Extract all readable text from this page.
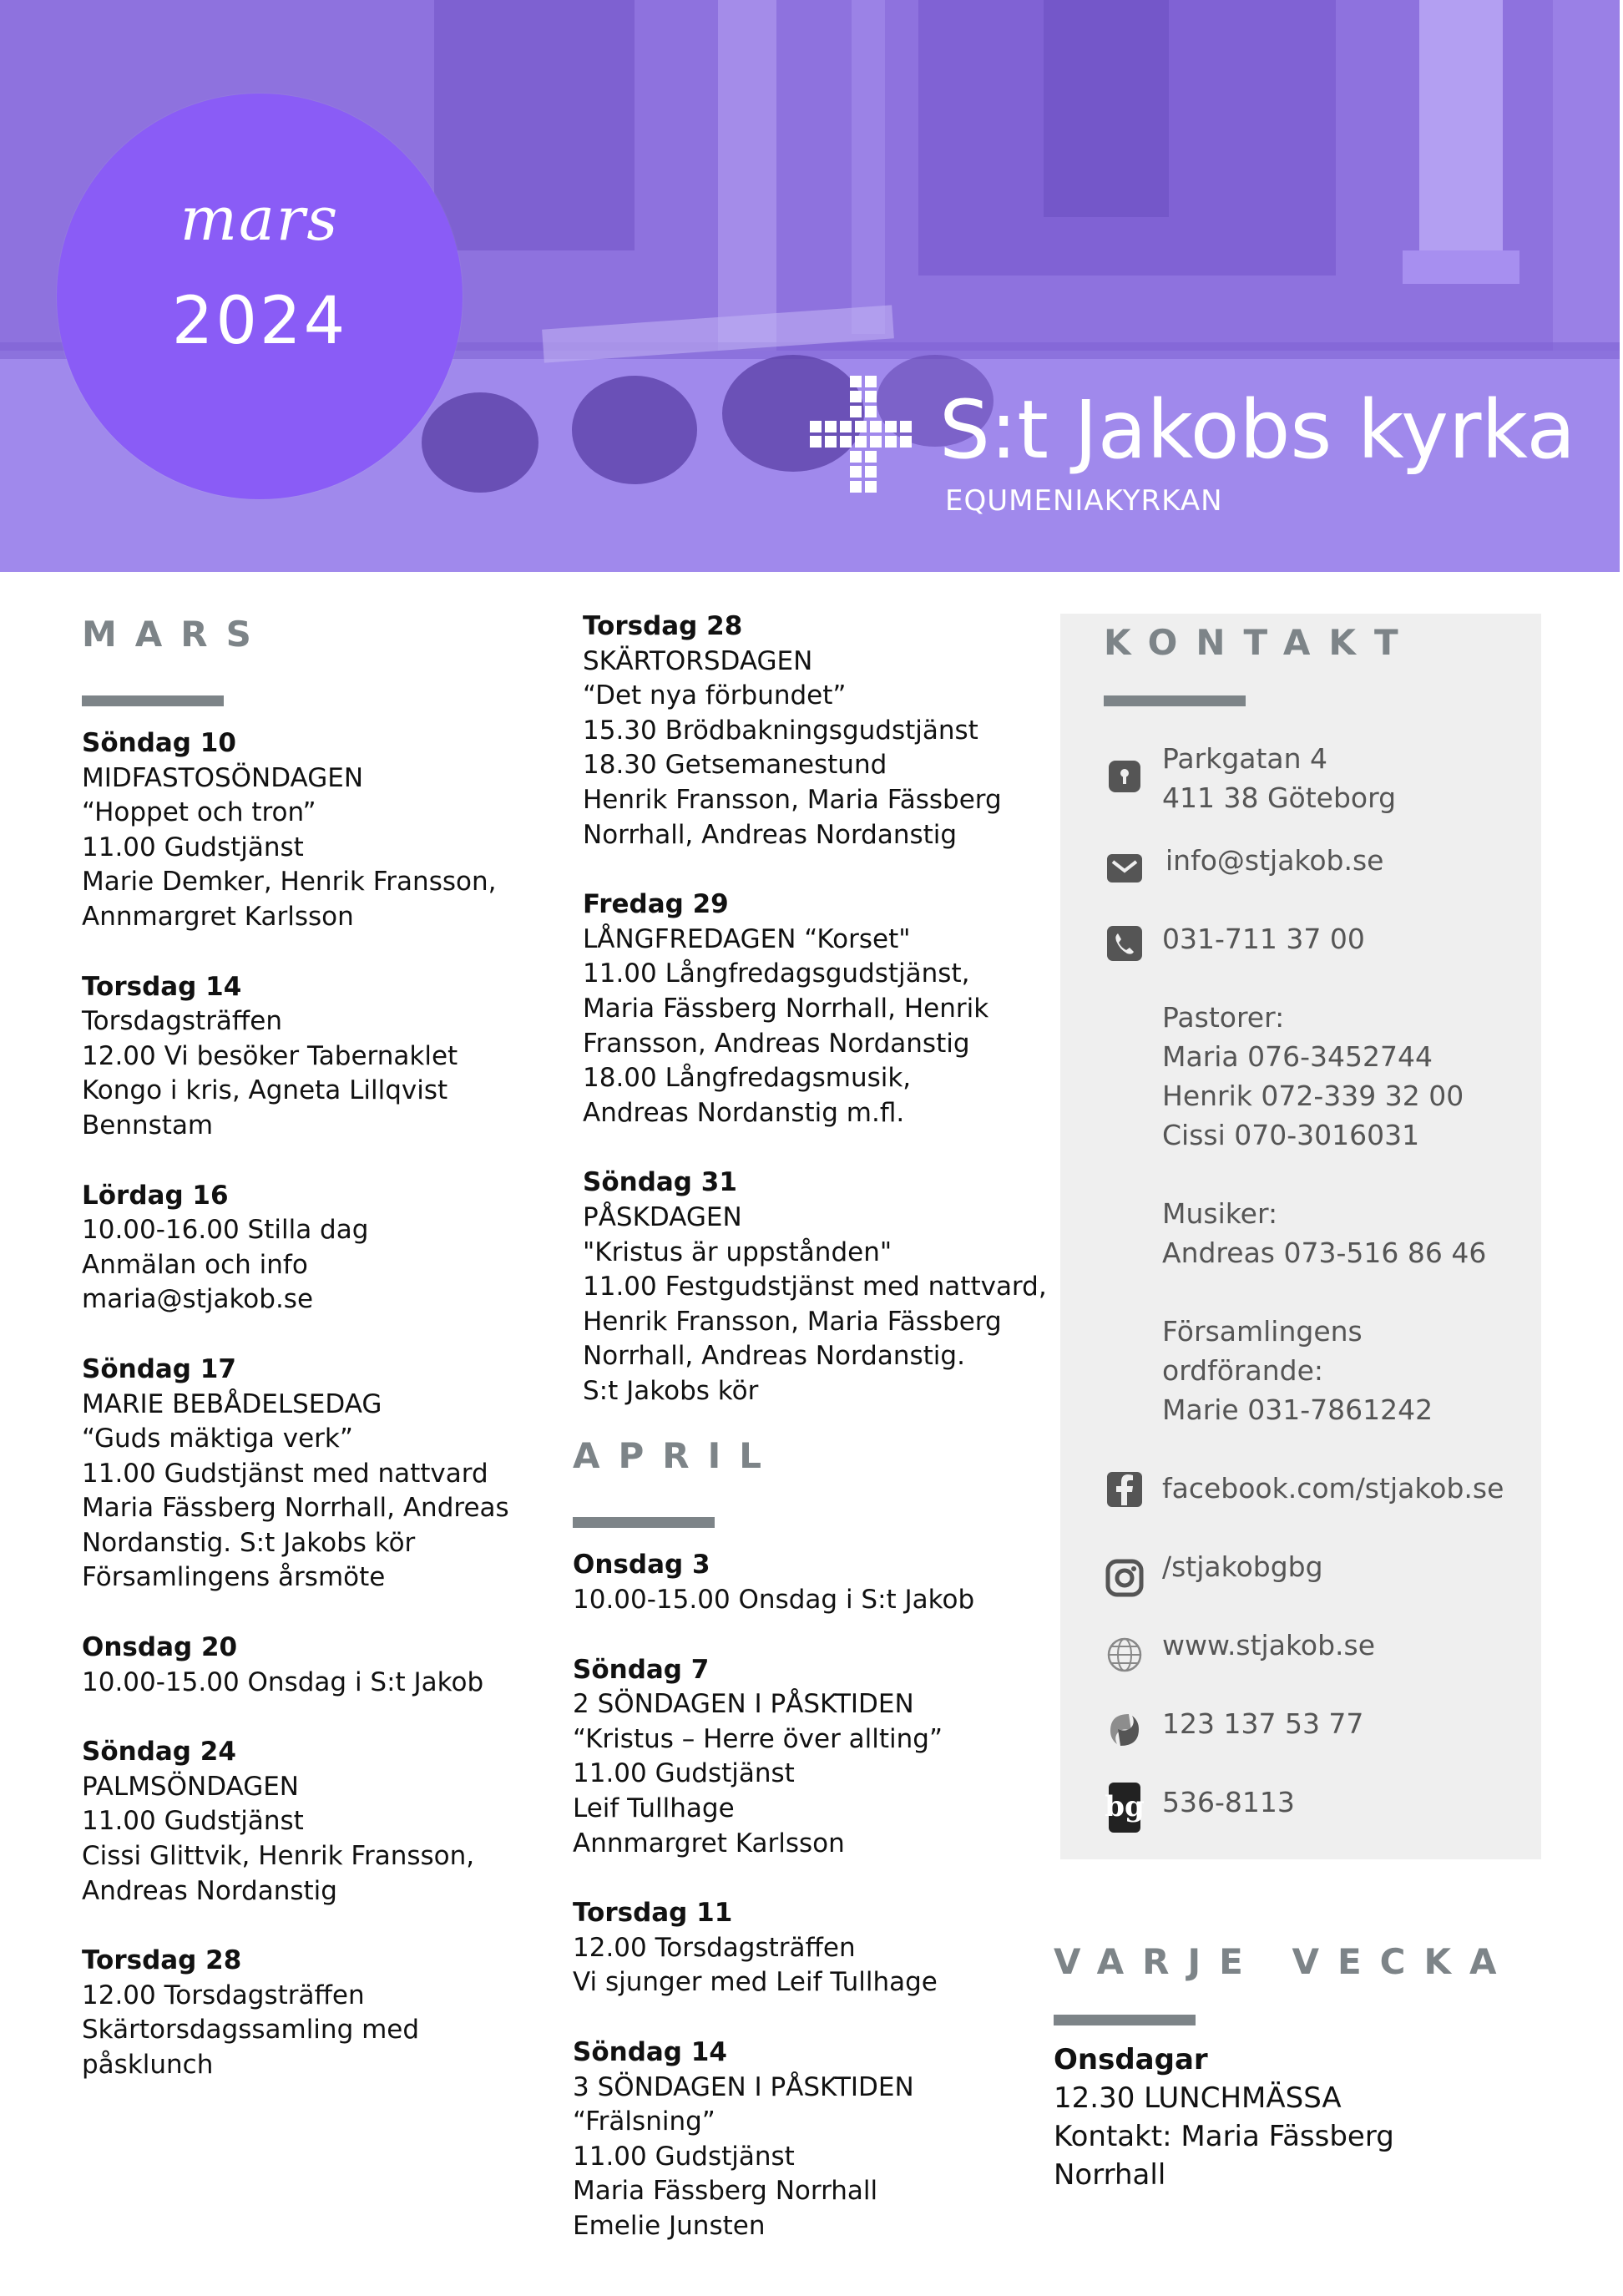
mars
2024
S:t Jakobs kyrka
EQUMENIAKYRKAN
MARS
Söndag 10
MIDFASTOSÖNDAGEN
“Hoppet och tron”
11.00 Gudstjänst
Marie Demker, Henrik Fransson,
Annmargret Karlsson
Torsdag 14
Torsdagsträffen
12.00 Vi besöker Tabernaklet
Kongo i kris, Agneta Lillqvist
Bennstam
Lördag 16
10.00-16.00 Stilla dag
Anmälan och info
maria@stjakob.se
Söndag 17
MARIE BEBÅDELSEDAG
“Guds mäktiga verk”
11.00 Gudstjänst med nattvard
Maria Fässberg Norrhall, Andreas
Nordanstig. S:t Jakobs kör
Församlingens årsmöte
Onsdag 20
10.00-15.00 Onsdag i S:t Jakob
Söndag 24
PALMSÖNDAGEN
11.00 Gudstjänst
Cissi Glittvik, Henrik Fransson,
Andreas Nordanstig
Torsdag 28
12.00 Torsdagsträffen
Skärtorsdagssamling med
påsklunch
Torsdag 28
SKÄRTORSDAGEN
“Det nya förbundet”
15.30 Brödbakningsgudstjänst
18.30 Getsemanestund
Henrik Fransson, Maria Fässberg
Norrhall, Andreas Nordanstig
Fredag 29
LÅNGFREDAGEN “Korset"
11.00 Långfredagsgudstjänst,
Maria Fässberg Norrhall, Henrik
Fransson, Andreas Nordanstig
18.00 Långfredagsmusik,
Andreas Nordanstig m.fl.
Söndag 31
PÅSKDAGEN
"Kristus är uppstånden"
11.00 Festgudstjänst med nattvard,
Henrik Fransson, Maria Fässberg
Norrhall, Andreas Nordanstig.
S:t Jakobs kör
APRIL
Onsdag 3
10.00-15.00 Onsdag i S:t Jakob
Söndag 7
2 SÖNDAGEN I PÅSKTIDEN
“Kristus – Herre över allting”
11.00 Gudstjänst
Leif Tullhage
Annmargret Karlsson
Torsdag 11
12.00 Torsdagsträffen
Vi sjunger med Leif Tullhage
Söndag 14
3 SÖNDAGEN I PÅSKTIDEN
“Frälsning”
11.00 Gudstjänst
Maria Fässberg Norrhall
Emelie Junsten
KONTAKT
Parkgatan 4
411 38 Göteborg
info@stjakob.se
031-711 37 00
Pastorer:
Maria 076-3452744
Henrik 072-339 32 00
Cissi 070-3016031
Musiker:
Andreas 073-516 86 46
Församlingens
ordförande:
Marie 031-7861242
facebook.com/stjakob.se
/stjakobgbg
www.stjakob.se
123 137 53 77
bg 536-8113
VARJE VECKA
Onsdagar
12.30 LUNCHMÄSSA
Kontakt: Maria Fässberg
Norrhall
